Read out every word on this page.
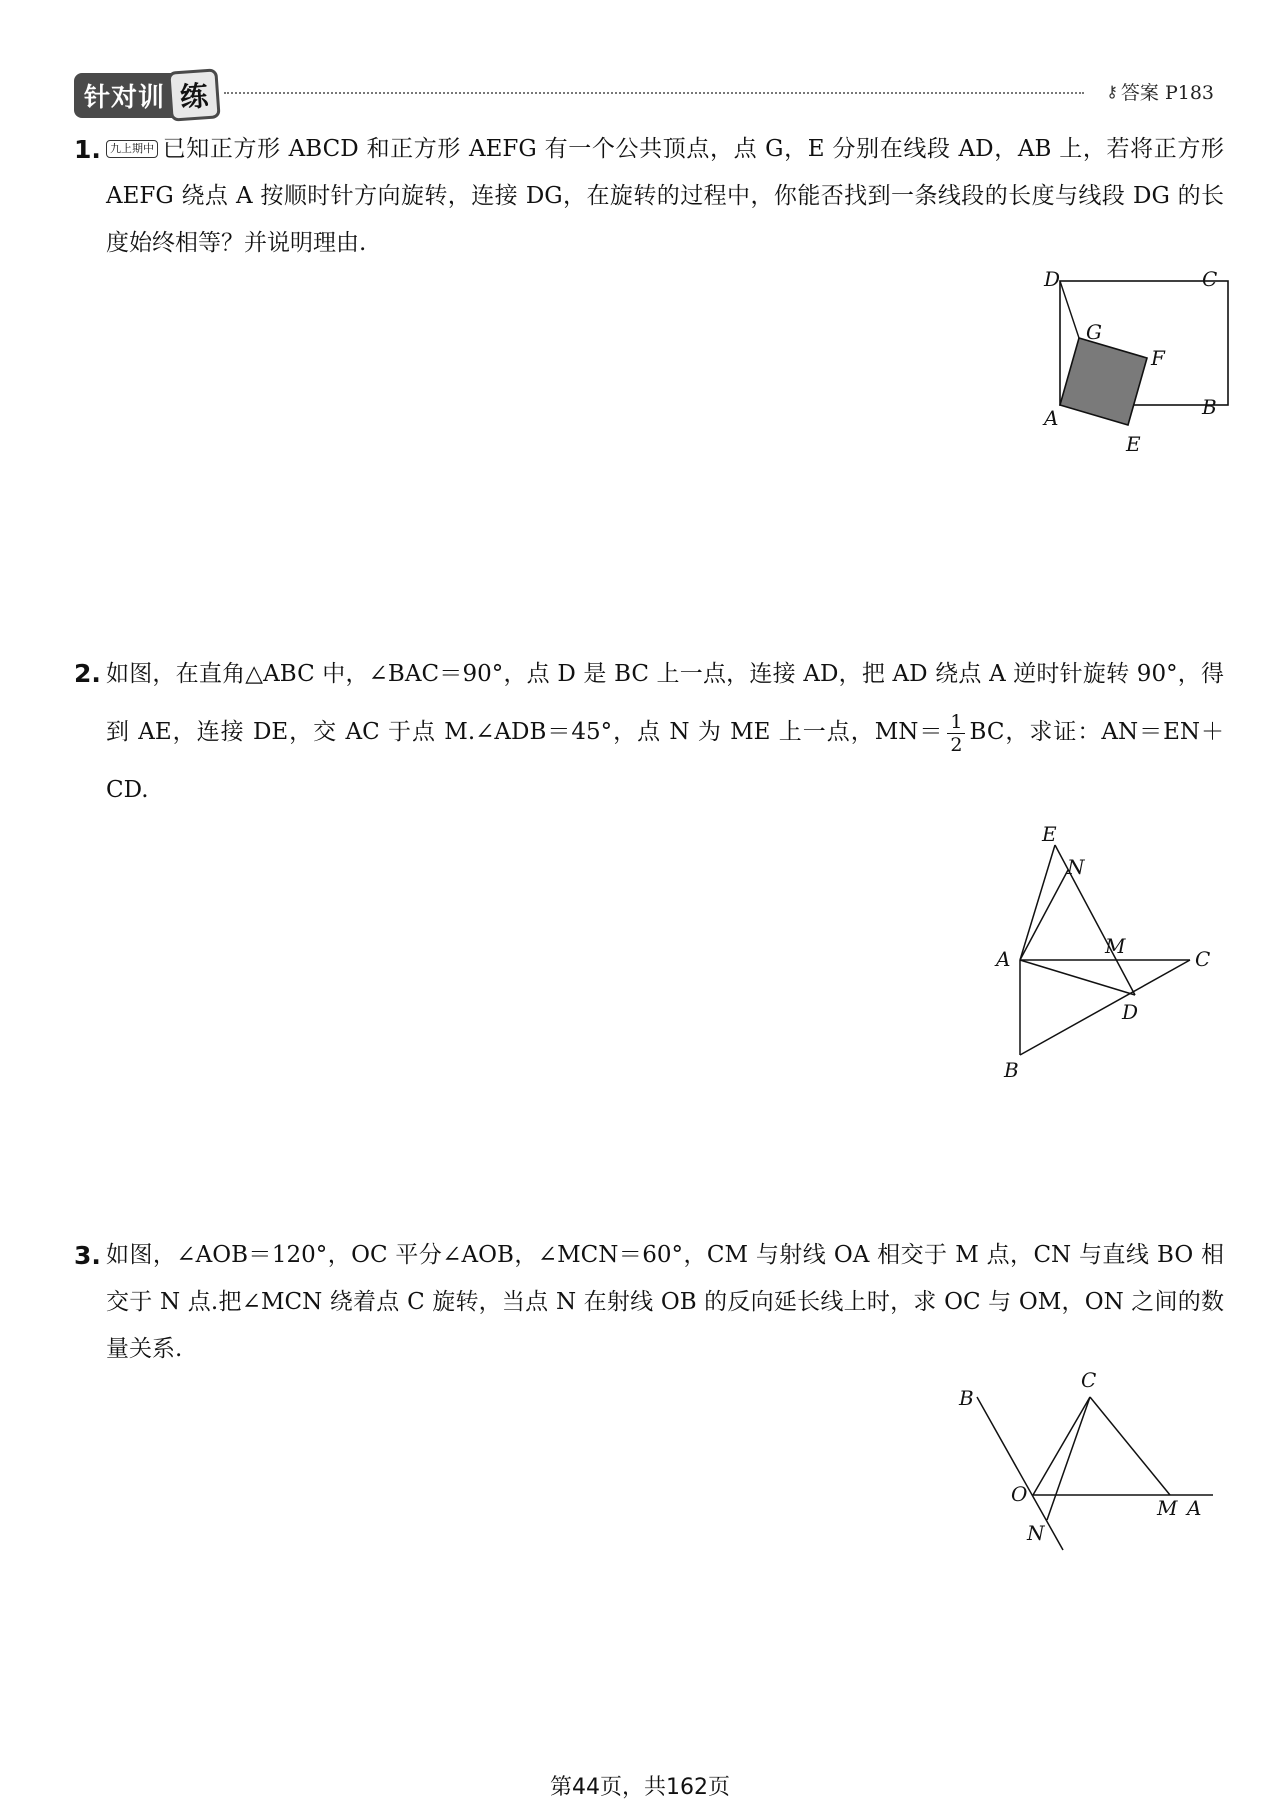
针对训 练	⚷ 答案 P183
1. 九上期中 已知正方形 ABCD 和正方形 AEFG 有一个公共顶点，点 G，E 分别在线段 AD，AB 上，若将正方形 AEFG 绕点 A 按顺时针方向旋转，连接 DG，在旋转的过程中，你能否找到一条线段的长度与线段 DG 的长度始终相等？并说明理由.
D	C
G
F
A	B
E
2. 如图，在直角△ABC 中，∠BAC＝90°，点 D 是 BC 上一点，连接 AD，把 AD 绕点 A 逆时针旋转 90°，得到 AE，连接 DE，交 AC 于点 M.∠ADB＝45°，点 N 为 ME 上一点，$MN= \frac{1}{2}$ BC，求证：AN＝EN＋CD.
E
N
A
M
C
D
B
3. 如图，∠AOB＝120°，OC 平分∠AOB，∠MCN＝60°，CM 与射线 OA 相交于 M 点，CN 与直线 BO 相交于 N 点.把∠MCN 绕着点 C 旋转，当点 N 在射线 OB 的反向延长线上时，求 OC 与 OM，ON 之间的数量关系.
C
B
O
M A
N
第44页，共162页
